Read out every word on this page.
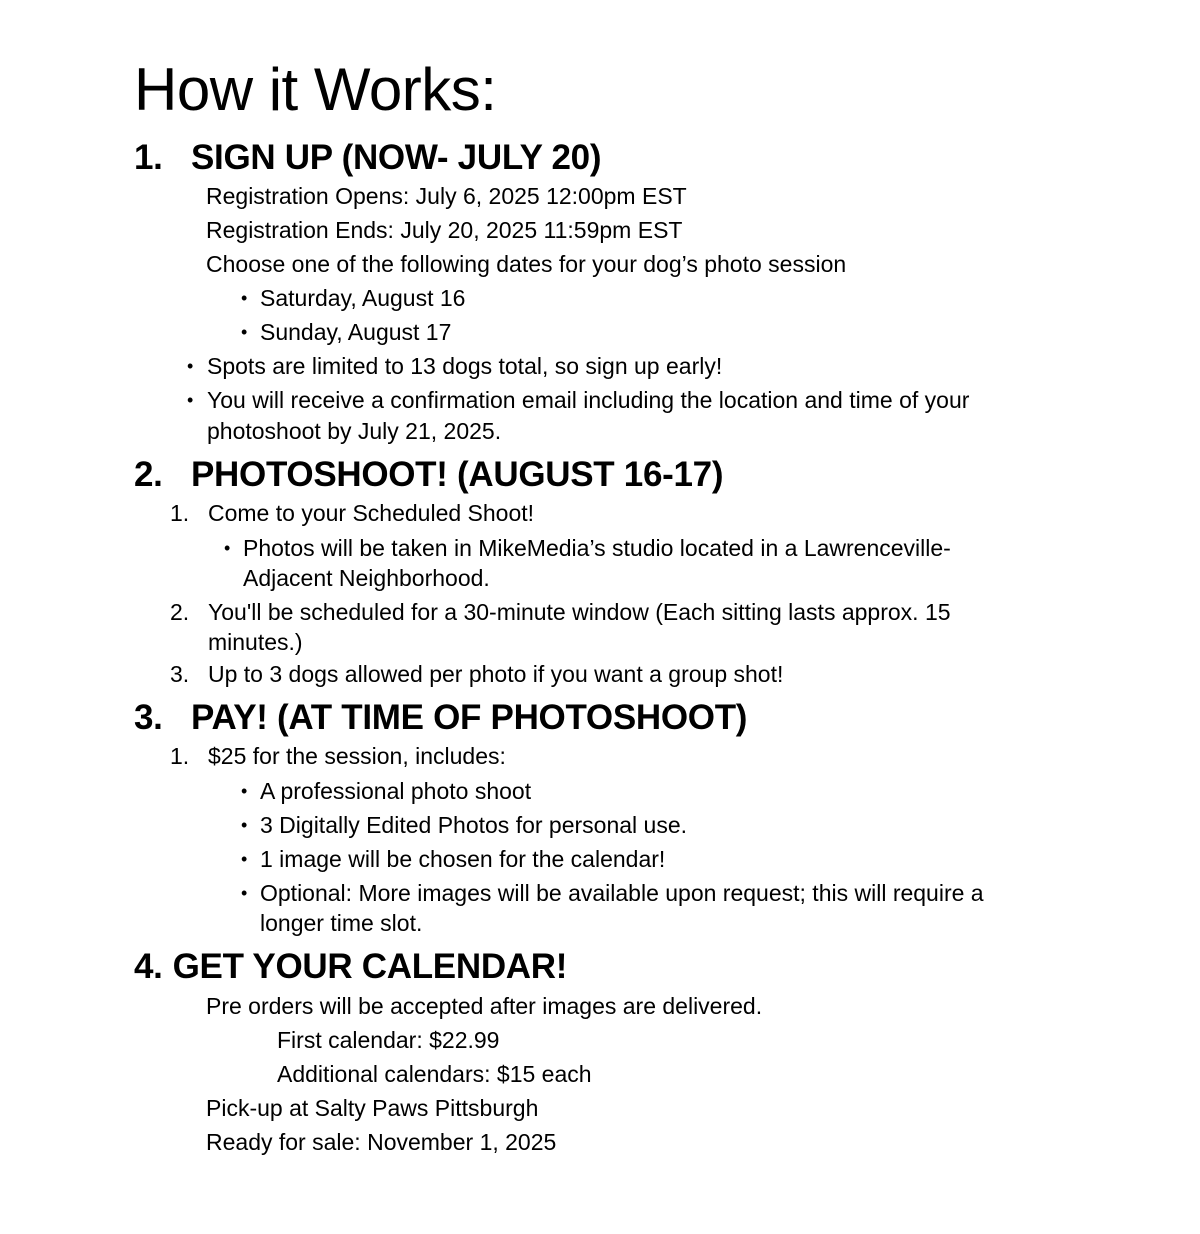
How it Works:
1. SIGN UP (NOW- JULY 20)
Registration Opens: July 6, 2025 12:00pm EST
Registration Ends: July 20, 2025 11:59pm EST
Choose one of the following dates for your dog’s photo session
• Saturday, August 16
• Sunday, August 17
• Spots are limited to 13 dogs total, so sign up early!
• You will receive a confirmation email including the location and time of your
photoshoot by July 21, 2025.
2. PHOTOSHOOT! (AUGUST 16-17)
1. Come to your Scheduled Shoot!
• Photos will be taken in MikeMedia’s studio located in a Lawrenceville-
Adjacent Neighborhood.
2. You'll be scheduled for a 30-minute window (Each sitting lasts approx. 15
minutes.)
3. Up to 3 dogs allowed per photo if you want a group shot!
3. PAY! (AT TIME OF PHOTOSHOOT)
1. $25 for the session, includes:
• A professional photo shoot
• 3 Digitally Edited Photos for personal use.
• 1 image will be chosen for the calendar!
• Optional: More images will be available upon request; this will require a
longer time slot.
4. GET YOUR CALENDAR!
Pre orders will be accepted after images are delivered.
First calendar: $22.99
Additional calendars: $15 each
Pick-up at Salty Paws Pittsburgh
Ready for sale: November 1, 2025
